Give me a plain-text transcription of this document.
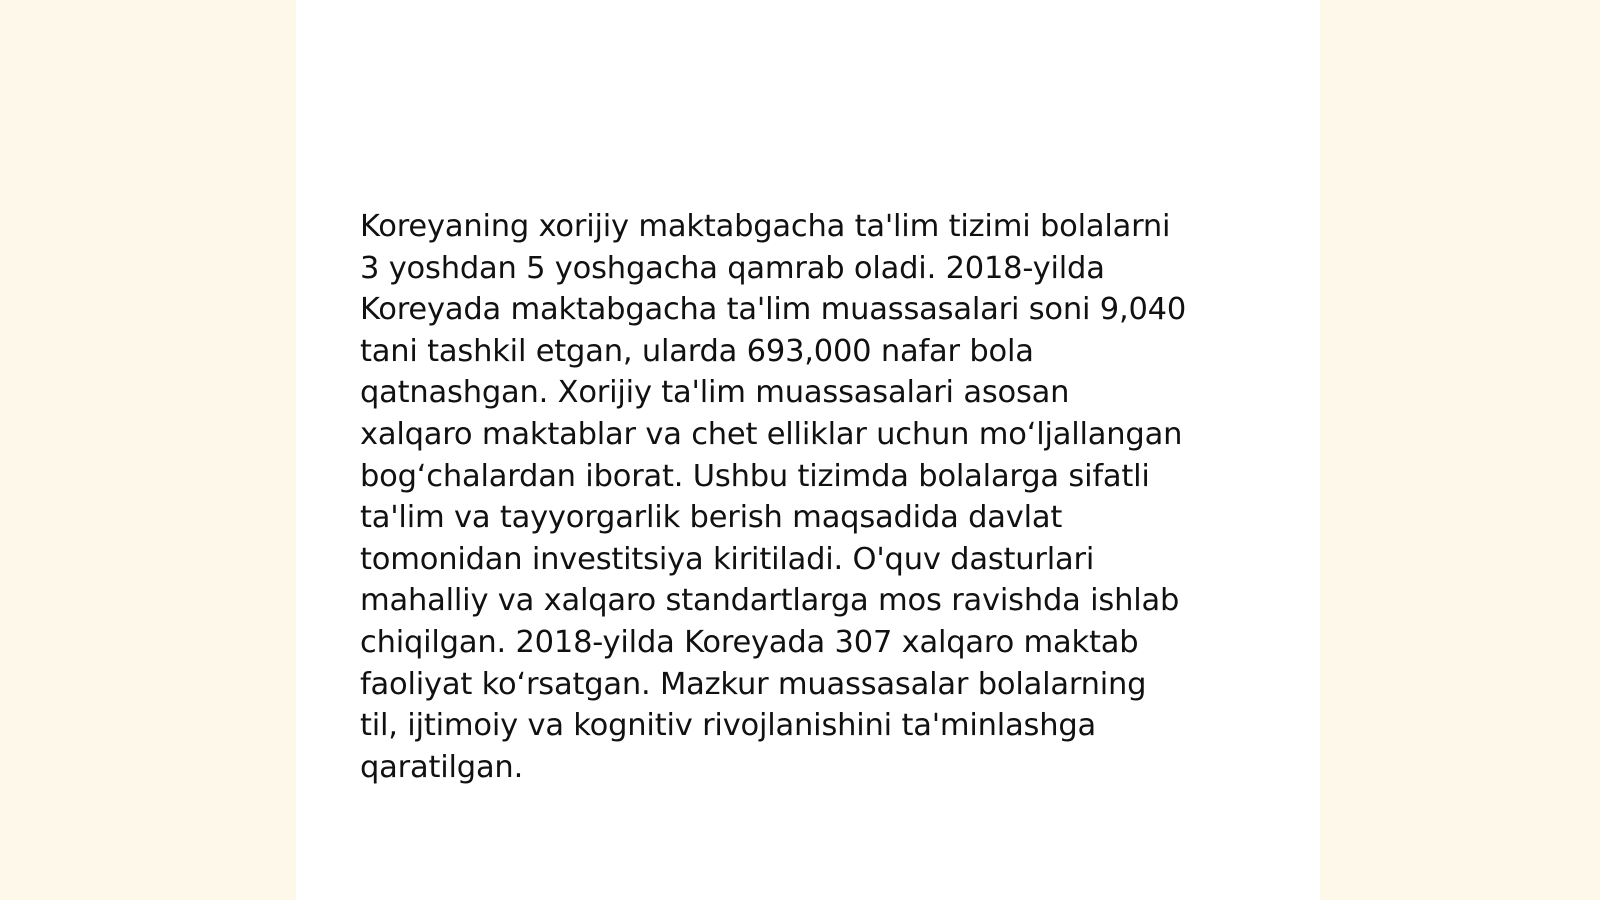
Koreyaning xorijiy maktabgacha ta'lim tizimi bolalarni
3 yoshdan 5 yoshgacha qamrab oladi. 2018-yilda
Koreyada maktabgacha ta'lim muassasalari soni 9,040
tani tashkil etgan, ularda 693,000 nafar bola
qatnashgan. Xorijiy ta'lim muassasalari asosan
xalqaro maktablar va chet elliklar uchun mo‘ljallangan
bog‘chalardan iborat. Ushbu tizimda bolalarga sifatli
ta'lim va tayyorgarlik berish maqsadida davlat
tomonidan investitsiya kiritiladi. O'quv dasturlari
mahalliy va xalqaro standartlarga mos ravishda ishlab
chiqilgan. 2018-yilda Koreyada 307 xalqaro maktab
faoliyat ko‘rsatgan. Mazkur muassasalar bolalarning
til, ijtimoiy va kognitiv rivojlanishini ta'minlashga
qaratilgan.
